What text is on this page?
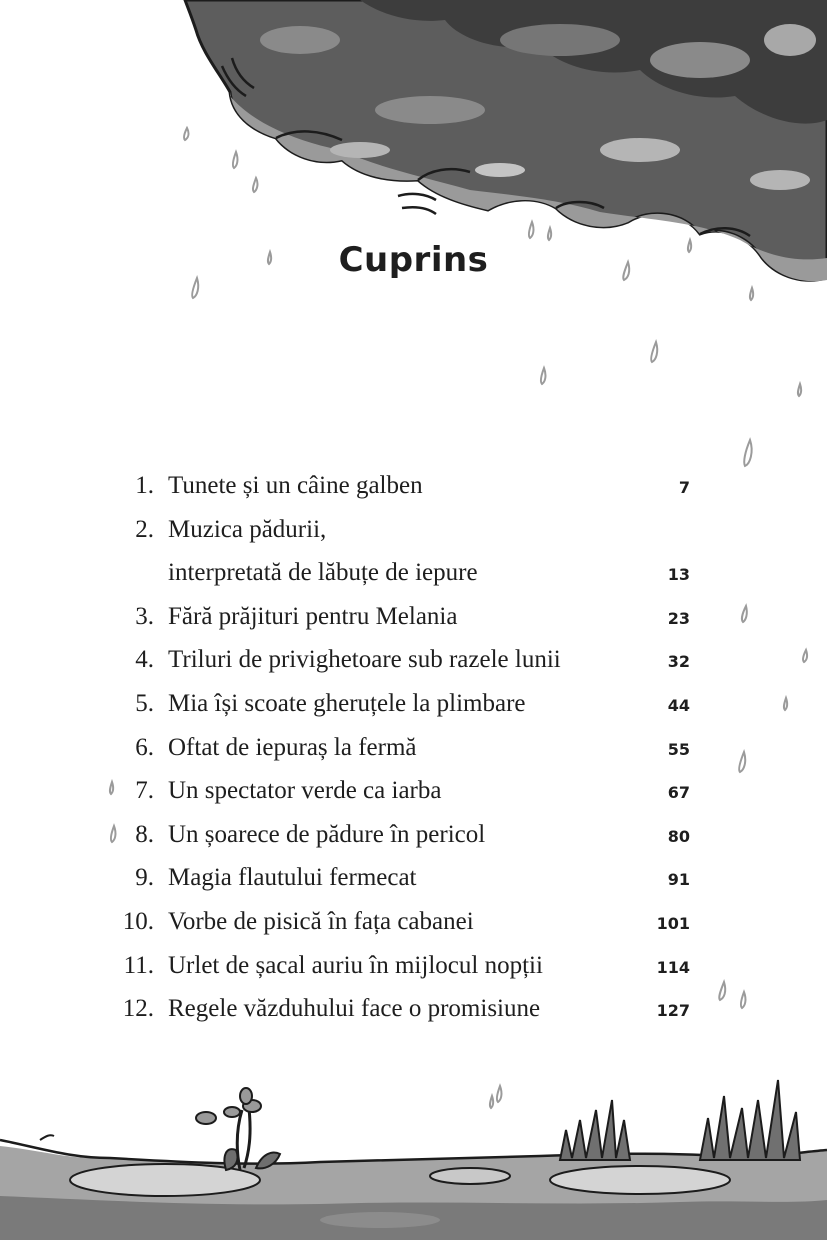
Cuprins
1. Tunete și un câine galben	7
2. Muzica pădurii,
interpretată de lăbuțe de iepure	13
3. Fără prăjituri pentru Melania	23
4. Triluri de privighetoare sub razele lunii	32
5. Mia își scoate gheruțele la plimbare	44
6. Oftat de iepuraș la fermă	55
7. Un spectator verde ca iarba	67
8. Un șoarece de pădure în pericol	80
9. Magia flautului fermecat	91
10. Vorbe de pisică în fața cabanei	101
11. Urlet de șacal auriu în mijlocul nopții	114
12. Regele văzduhului face o promisiune	127
